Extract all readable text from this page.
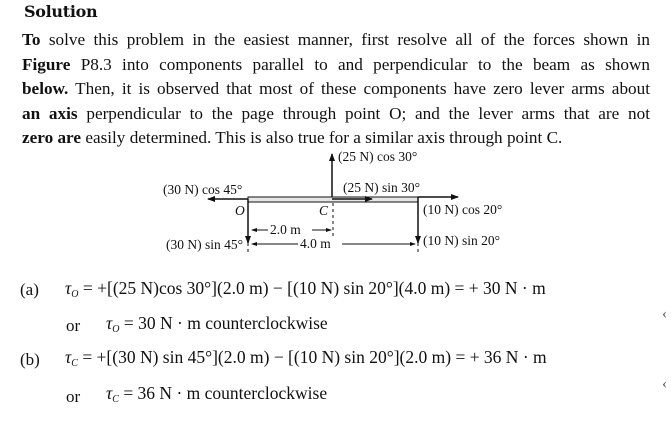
Solution
To solve this problem in the easiest manner, first resolve all of the forces shown in
Figure P8.3 into components parallel to and perpendicular to the beam as shown
below. Then, it is observed that most of these components have zero lever arms about
an axis perpendicular to the page through point O; and the lever arms that are not
zero are easily determined. This is also true for a similar axis through point C.
(25 N) cos 30°
(30 N) cos 45°	(25 N) sin 30°
O	C	(10 N) cos 20°
2.0 m
(30 N) sin 45°	4.0 m	(10 N) sin 20°
(a) $\tau_O = +[(25$ N)cos 30°](2.0 m) − [(10 N) sin 20°](4.0 m) = + 30 N · m
or $\tau_O = 30$ N · m counterclockwise
(b) $\tau_C = +[(30$ N) sin 45°](2.0 m) − [(10 N) sin 20°](2.0 m) = + 36 N · m
or $\tau_C = 36$ N · m counterclockwise
‹
‹
